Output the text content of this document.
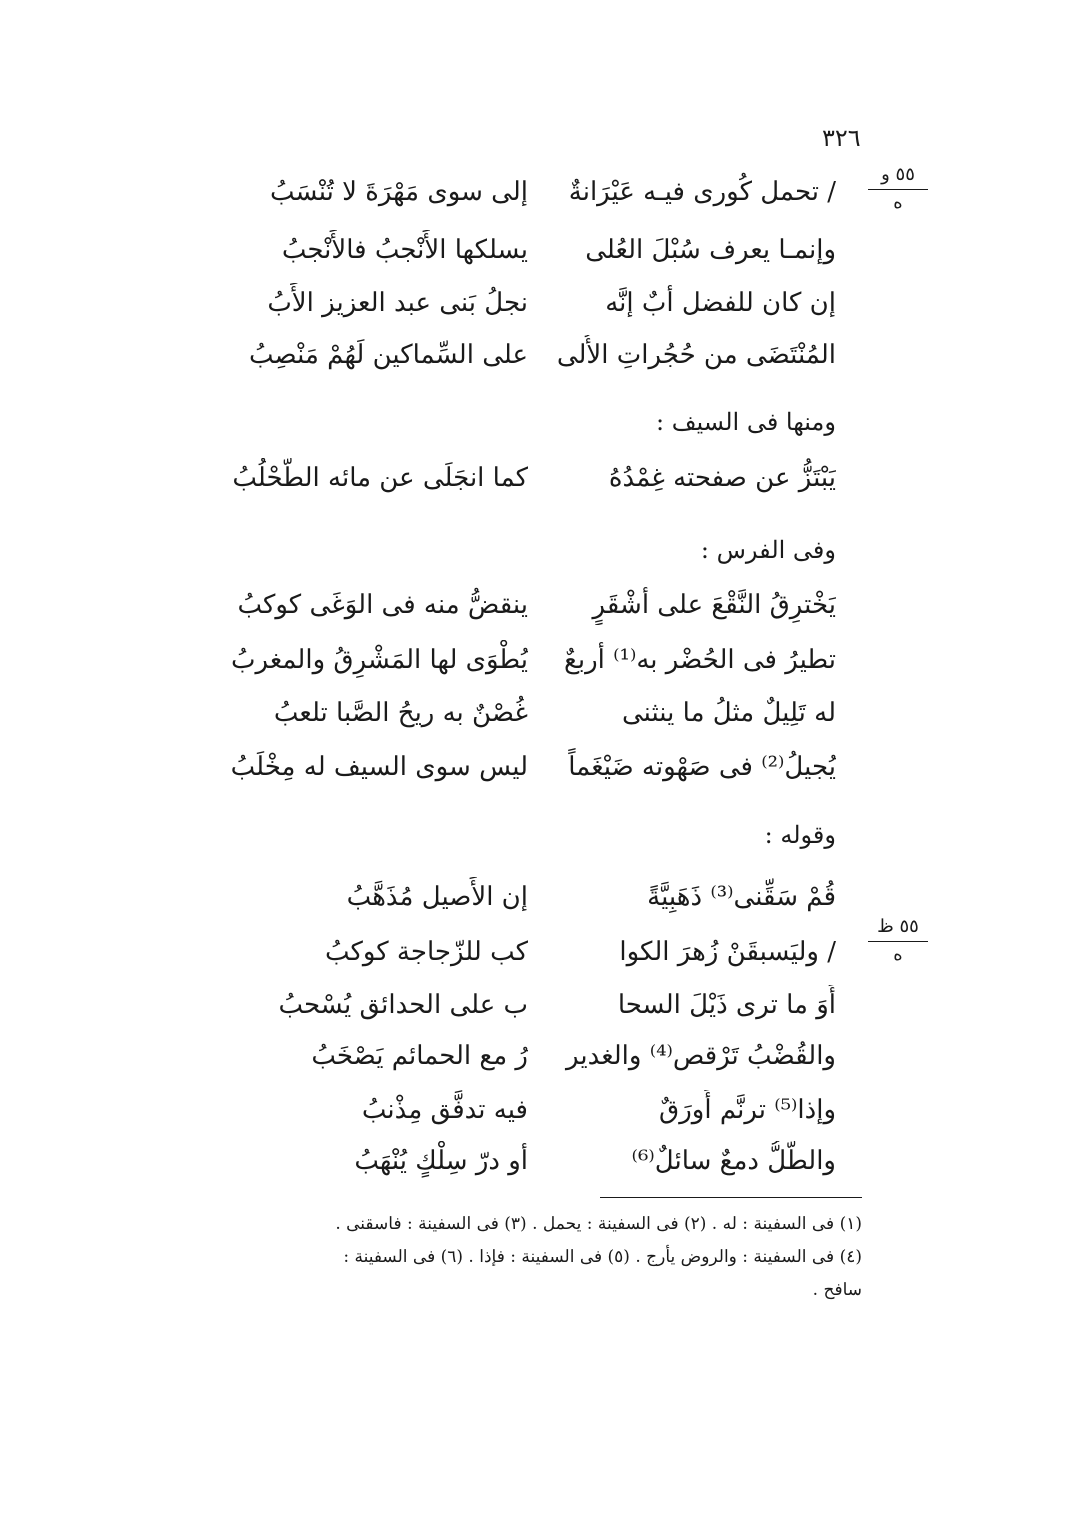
٣٢٦
٥٥ و
ه
/ تحمل كُورى فيـه عَيْرَانةٌ
إلى سوى مَهْرَةَ لا تُنْسَبُ
وإنمـا يعرف سُبْلَ العُلى
يسلكها الأَنْجبُ فالأَنْجبُ
إن كان للفضل أبٌ إنَّه
نجلُ بَنى عبد العزيز الأَبُ
المُنْتَضَى من حُجُراتِ الأُلى
على السِّماكين لَهُمْ مَنْصِبُ
ومنها فى السيف :
يَبْتَزُّ عن صفحته غِمْدُهُ
كما انجَلَى عن مائه الطُّحْلُبُ
وفى الفرس :
يَخْترِقُ النَّقْعَ على أشْقَرٍ
ينقضُّ منه فى الوَغَى كوكبُ
تطيرُ فى الحُضْر به⁽¹⁾ أربعٌ
يُطْوَى لها المَشْرِقُ والمغربُ
له تَلِيلٌ مثلُ ما ينثنى
غُصْنٌ به ريحُ الصَّبا تلعبُ
يُجيلُ⁽²⁾ فى صَهْوته ضَيْغَماً
ليس سوى السيف له مِخْلَبُ
وقوله :
٥٥ ظ
ه
قُمْ سَقِّنى⁽³⁾ ذَهَبِيَّةً
إن الأَصيل مُذَهَّبُ
/ وليَسبقَنْ زُهرَ الكوا
كب للزّجاجة كوكبُ
أَوَ ما ترى ذَيْلَ السحا
ب على الحدائق يُسْحبُ
والقُضْبُ تَرْقص⁽⁴⁾ والغدير
رُ مع الحمائم يَصْخَبُ
وإذا⁽⁵⁾ ترنَّم أَورَقٌ
فيه تدفَّق مِذْنبُ
والطَّلُّ دمعٌ سائلٌ⁽⁶⁾
أو درّ سِلْكٍ يُنْهَبُ
(١) فى السفينة : له . (٢) فى السفينة : يحمل . (٣) فى السفينة : فاسقنى .
(٤) فى السفينة : والروض يأرج . (٥) فى السفينة : فإذا . (٦) فى السفينة :
سافح .
